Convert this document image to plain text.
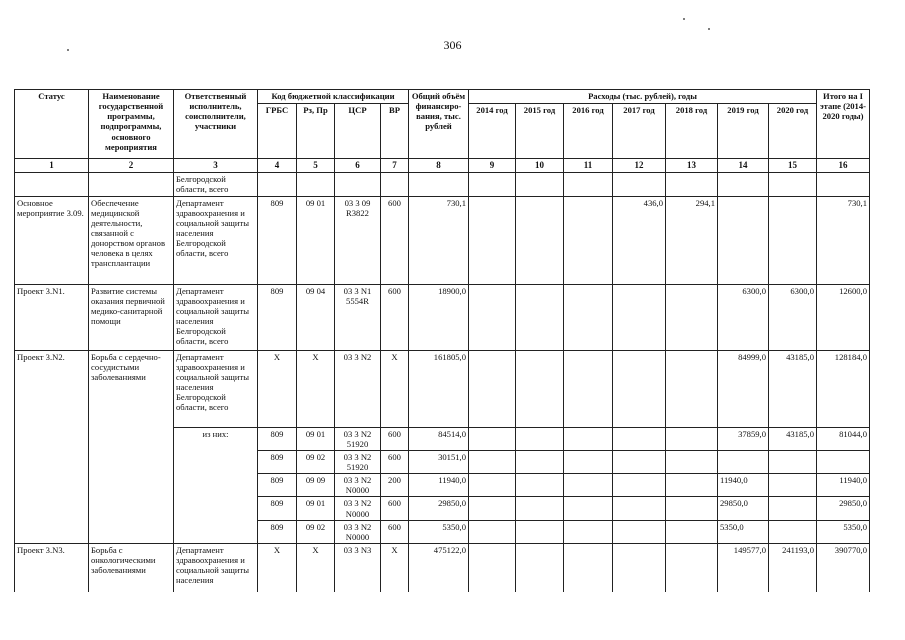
306
Статус	Наименование государственной программы, подпрограммы, основного мероприятия	Ответственный исполнитель, соисполнители, участники	Код бюджетной классификации				Общий объём финансиро-вания, тыс. рублей	Расходы (тыс. рублей), годы							Итого на I этапе (2014-2020 годы)
			ГРБС	Рз, Пр	ЦСР	ВР		2014 год	2015 год	2016 год	2017 год	2018 год	2019 год	2020 год	
1	2	3	4	5	6	7	8	9	10	11	12	13	14	15	16
		Белгородской области, всего													
Основное мероприятие 3.09.	Обеспечение медицинской деятельности, связанной с донорством органов человека в целях трансплантации	Департамент здравоохранения и социальной защиты населения Белгородской области, всего	809	09 01	03 3 09 R3822	600	730,1				436,0	294,1			730,1
Проект 3.N1.	Развитие системы оказания первичной медико-санитарной помощи	Департамент здравоохранения и социальной защиты населения Белгородской области, всего	809	09 04	03 3 N1 5554R	600	18900,0						6300,0	6300,0	12600,0
Проект 3.N2.	Борьба с сердечно-сосудистыми заболеваниями	Департамент здравоохранения и социальной защиты населения Белгородской области, всего	X	X	03 3 N2	X	161805,0						84999,0	43185,0	128184,0
		из них:	809	09 01	03 3 N2 51920	600	84514,0						37859,0	43185,0	81044,0
			809	09 02	03 3 N2 51920	600	30151,0								
			809	09 09	03 3 N2 N0000	200	11940,0						11940,0		11940,0
			809	09 01	03 3 N2 N0000	600	29850,0						29850,0		29850,0
			809	09 02	03 3 N2 N0000	600	5350,0						5350,0		5350,0
Проект 3.N3.	Борьба с онкологическими заболеваниями	Департамент здравоохранения и социальной защиты населения	X	X	03 3 N3	X	475122,0						149577,0	241193,0	390770,0
